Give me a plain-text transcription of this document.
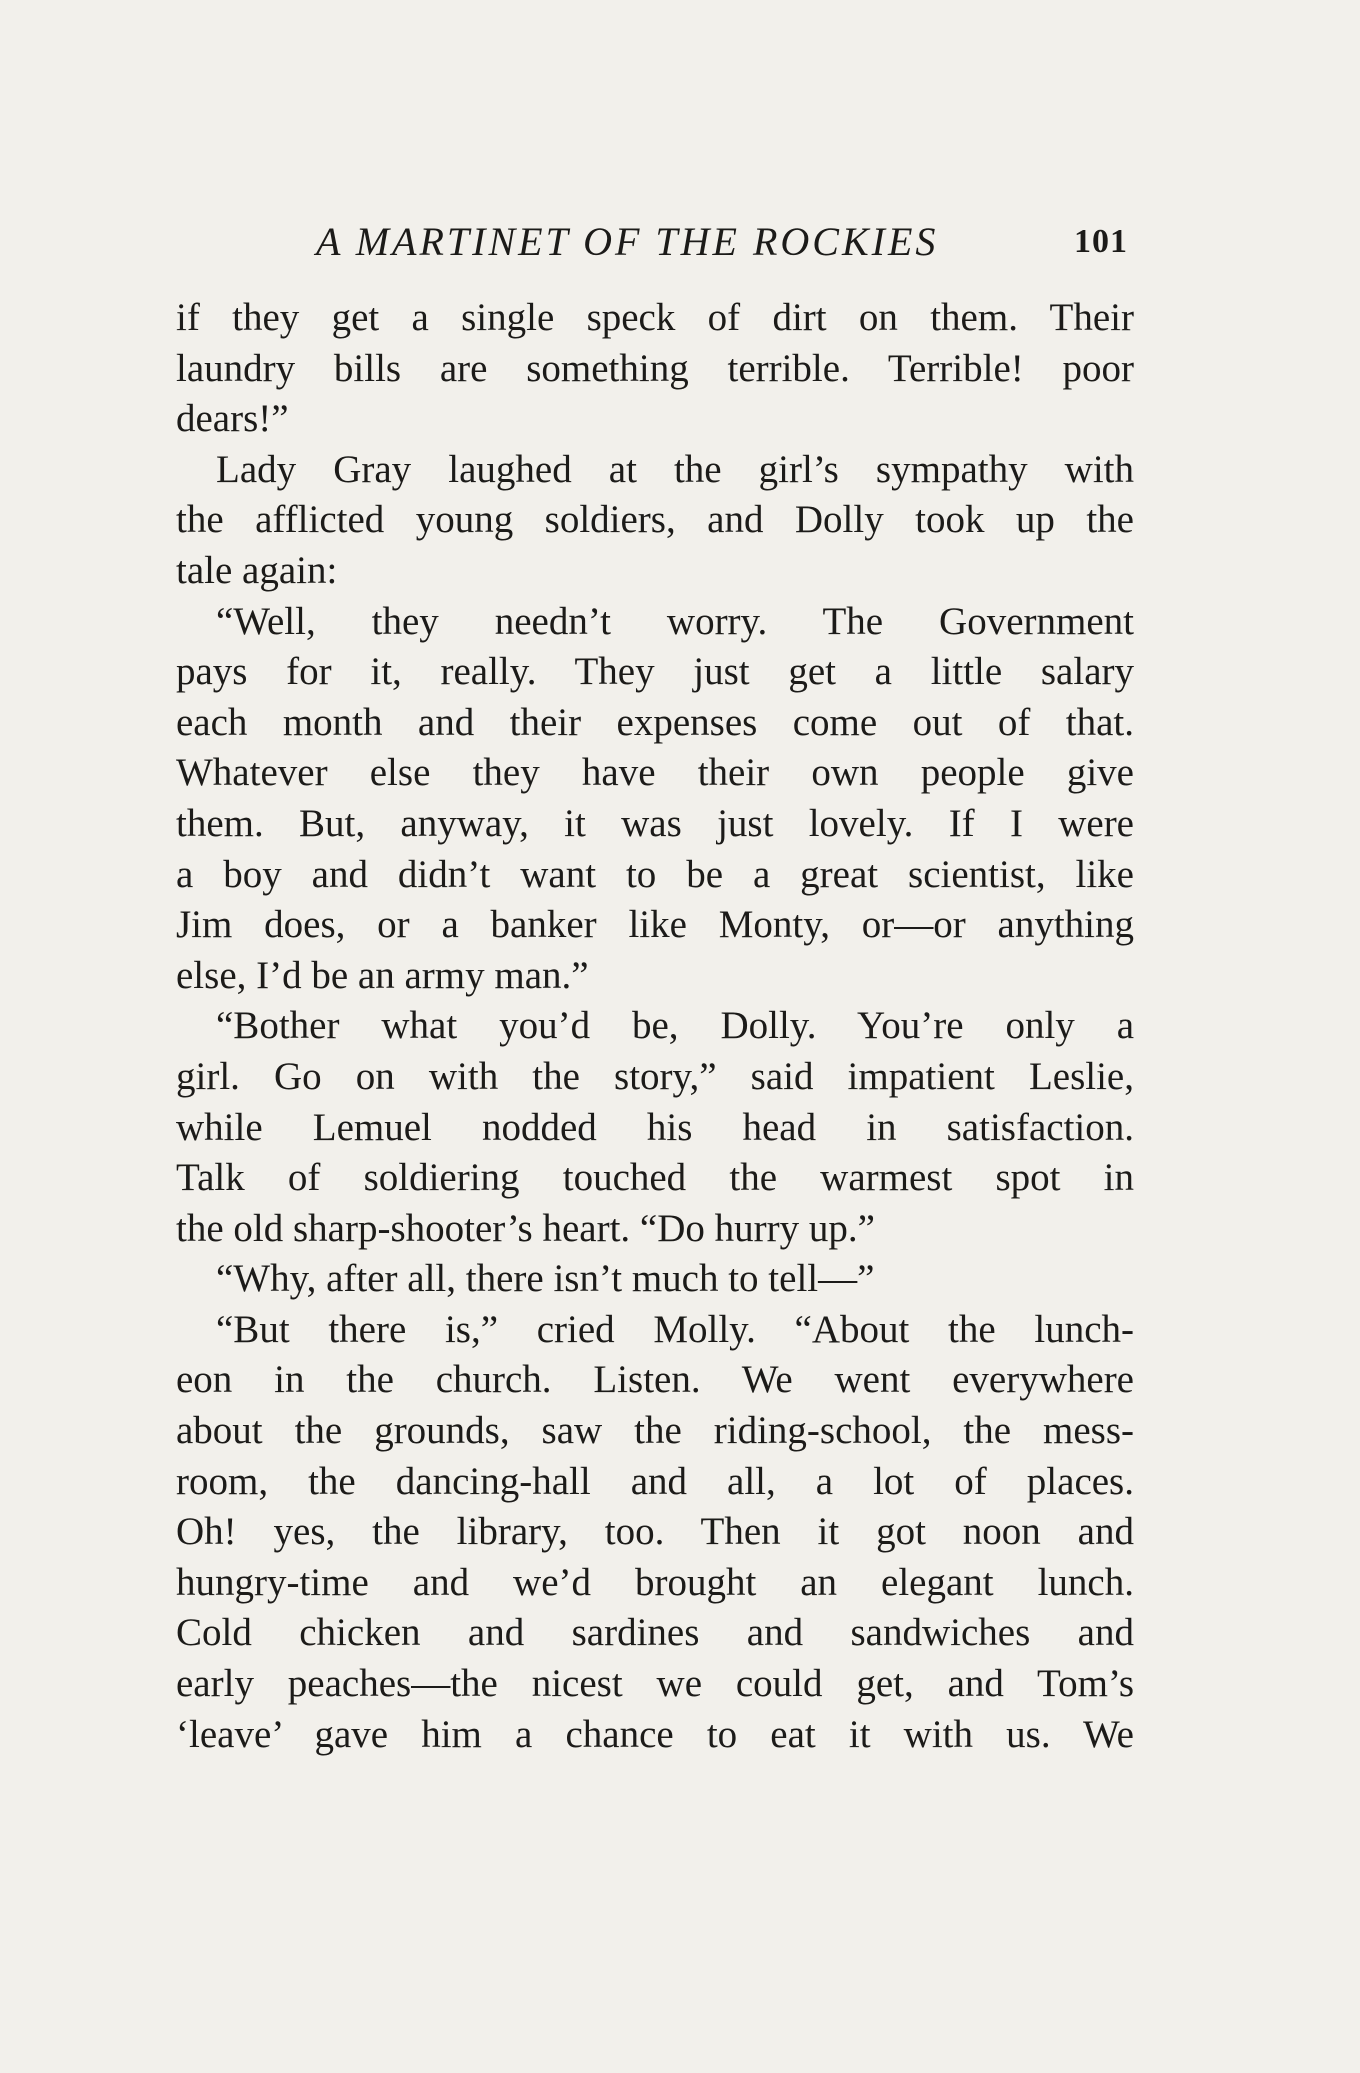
A MARTINET OF THE ROCKIES	101
if they get a single speck of dirt on them. Their
laundry bills are something terrible. Terrible! poor
dears!”
Lady Gray laughed at the girl’s sympathy with
the afflicted young soldiers, and Dolly took up the
tale again:
“Well, they needn’t worry. The Government
pays for it, really. They just get a little salary
each month and their expenses come out of that.
Whatever else they have their own people give
them. But, anyway, it was just lovely. If I were
a boy and didn’t want to be a great scientist, like
Jim does, or a banker like Monty, or—or anything
else, I’d be an army man.”
“Bother what you’d be, Dolly. You’re only a
girl. Go on with the story,” said impatient Leslie,
while Lemuel nodded his head in satisfaction.
Talk of soldiering touched the warmest spot in
the old sharp-shooter’s heart. “Do hurry up.”
“Why, after all, there isn’t much to tell—”
“But there is,” cried Molly. “About the lunch-
eon in the church. Listen. We went everywhere
about the grounds, saw the riding-school, the mess-
room, the dancing-hall and all, a lot of places.
Oh! yes, the library, too. Then it got noon and
hungry-time and we’d brought an elegant lunch.
Cold chicken and sardines and sandwiches and
early peaches—the nicest we could get, and Tom’s
‘leave’ gave him a chance to eat it with us. We
